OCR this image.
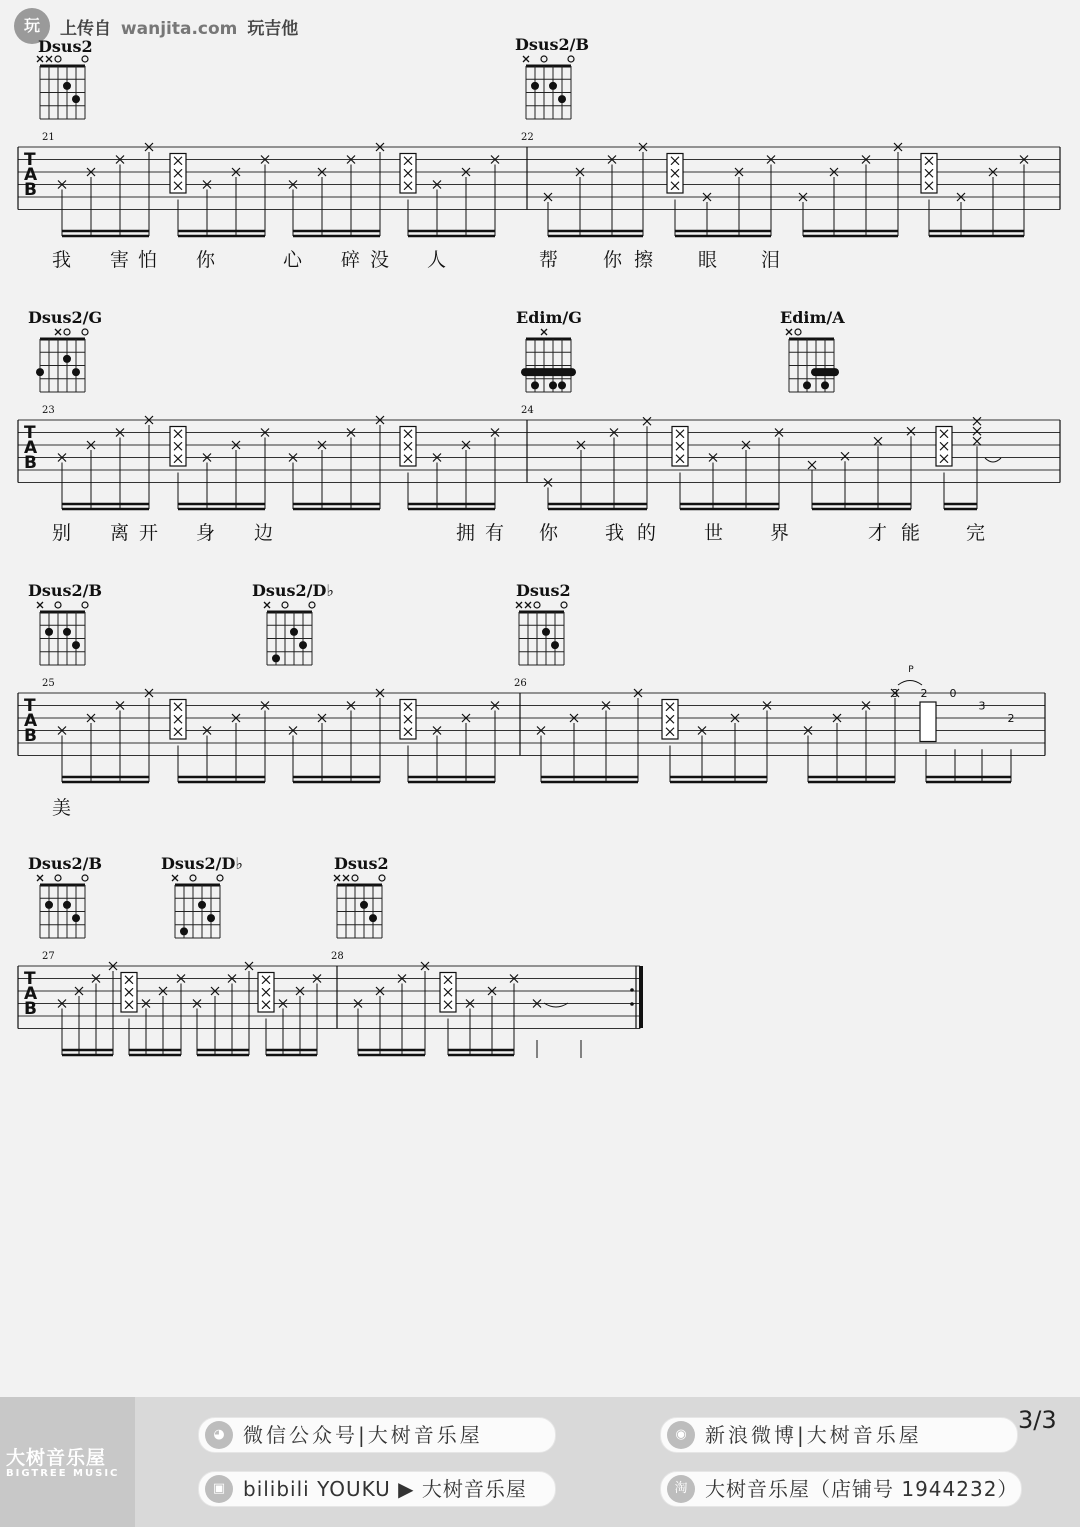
玩	上传自 wanjita.com 玩吉他
T
A
B
T
A
B
T
A
B
3 2 0
3
2
P
T
A
B
Dsus2	Dsus2/B
Dsus2/G	Edim/G	Edim/A
Dsus2/B	Dsus2/D♭	Dsus2
Dsus2/B	Dsus2/D♭	Dsus2
21	22
23	24
25	26
27	28
我 害 怕 你	心 碎 没 人	帮 你 擦 眼 泪
别 离 开 身 边	拥 有 你 我 的	世 界	才 能 完
美
大树音乐屋
BIGTREE MUSIC
◕ 微信公众号|大树音乐屋	◉ 新浪微博|大树音乐屋
▣ bilibili YOUKU ▶ 大树音乐屋	淘 大树音乐屋（店铺号 1944232）
3/3
